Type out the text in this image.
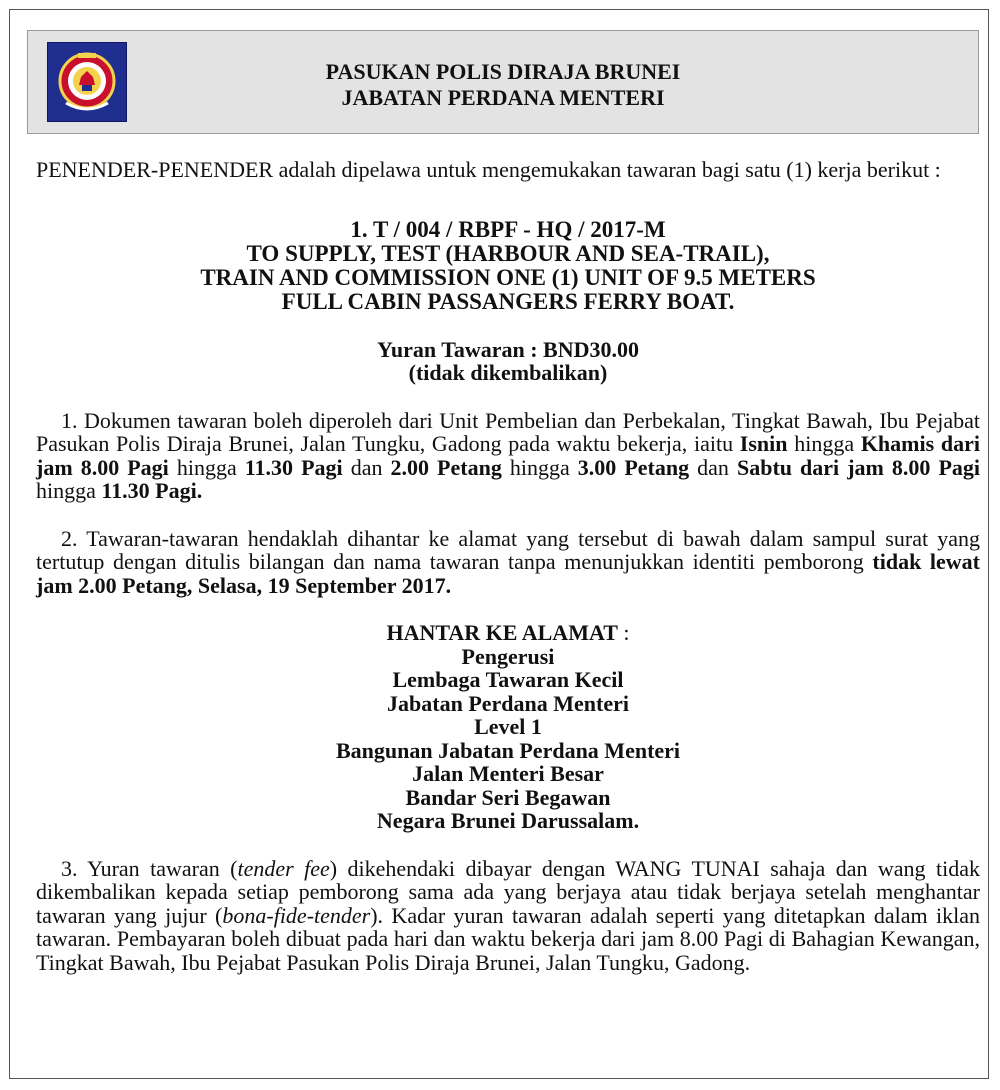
PASUKAN POLIS DIRAJA BRUNEI
JABATAN PERDANA MENTERI

PENENDER-PENENDER adalah dipelawa untuk mengemukakan tawaran bagi satu (1) kerja berikut :

1. T / 004 / RBPF - HQ / 2017-M
TO SUPPLY, TEST (HARBOUR AND SEA-TRAIL),
TRAIN AND COMMISSION ONE (1) UNIT OF 9.5 METERS
FULL CABIN PASSANGERS FERRY BOAT.
Yuran Tawaran : BND30.00
(tidak dikembalikan)

1. Dokumen tawaran boleh diperoleh dari Unit Pembelian dan Perbekalan, Tingkat Bawah, Ibu Pejabat Pasukan Polis Diraja Brunei, Jalan Tungku, Gadong pada waktu bekerja, iaitu Isnin hingga Khamis dari jam 8.00 Pagi hingga 11.30 Pagi dan 2.00 Petang hingga 3.00 Petang dan Sabtu dari jam 8.00 Pagi hingga 11.30 Pagi.

2. Tawaran-tawaran hendaklah dihantar ke alamat yang tersebut di bawah dalam sampul surat yang tertutup dengan ditulis bilangan dan nama tawaran tanpa menunjukkan identiti pemborong tidak lewat jam 2.00 Petang, Selasa, 19 September 2017.

HANTAR KE ALAMAT :
Pengerusi
Lembaga Tawaran Kecil
Jabatan Perdana Menteri
Level 1
Bangunan Jabatan Perdana Menteri
Jalan Menteri Besar
Bandar Seri Begawan
Negara Brunei Darussalam.

3. Yuran tawaran (tender fee) dikehendaki dibayar dengan WANG TUNAI sahaja dan wang tidak dikembalikan kepada setiap pemborong sama ada yang berjaya atau tidak berjaya setelah menghantar tawaran yang jujur (bona-fide-tender). Kadar yuran tawaran adalah seperti yang ditetapkan dalam iklan tawaran. Pembayaran boleh dibuat pada hari dan waktu bekerja dari jam 8.00 Pagi di Bahagian Kewangan, Tingkat Bawah, Ibu Pejabat Pasukan Polis Diraja Brunei, Jalan Tungku, Gadong.
